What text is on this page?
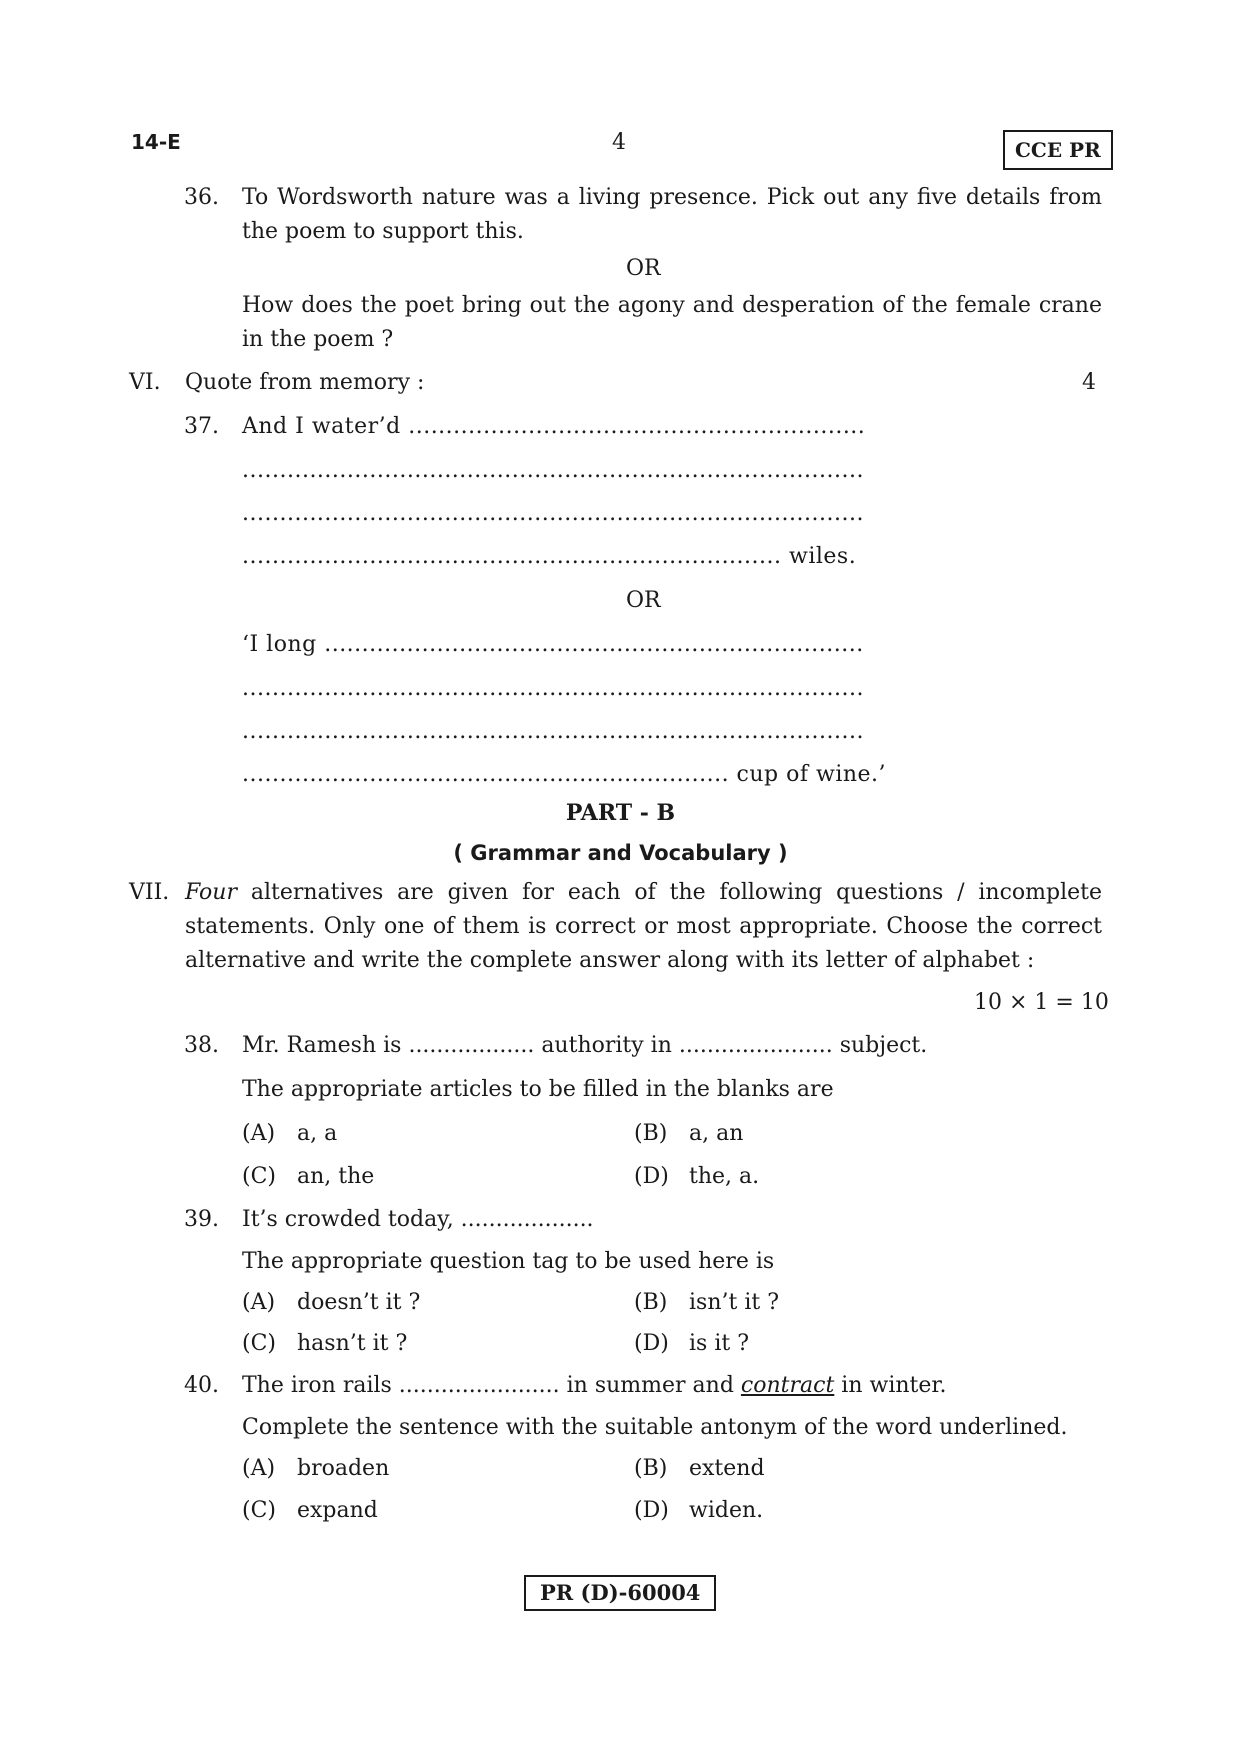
14-E	4	CCE PR
36. To Wordsworth nature was a living presence. Pick out any five details from the poem to support this.
OR
How does the poet bring out the agony and desperation of the female crane in the poem ?
VI. Quote from memory :	4
37. And I water’d .............................................................
...................................................................................
...................................................................................
........................................................................ wiles.
OR
‘I long ........................................................................
...................................................................................
...................................................................................
................................................................. cup of wine.’
PART - B
( Grammar and Vocabulary )
VII. Four alternatives are given for each of the following questions / incomplete statements. Only one of them is correct or most appropriate. Choose the correct alternative and write the complete answer along with its letter of alphabet :
10 × 1 = 10
38. Mr. Ramesh is .................. authority in ...................... subject.
The appropriate articles to be filled in the blanks are
(A) a, a	(B) a, an
(C) an, the	(D) the, a.
39. It’s crowded today, ...................
The appropriate question tag to be used here is
(A) doesn’t it ?	(B) isn’t it ?
(C) hasn’t it ?	(D) is it ?
40. The iron rails ....................... in summer and contract in winter.
Complete the sentence with the suitable antonym of the word underlined.
(A) broaden	(B) extend
(C) expand	(D) widen.
PR (D)-60004
